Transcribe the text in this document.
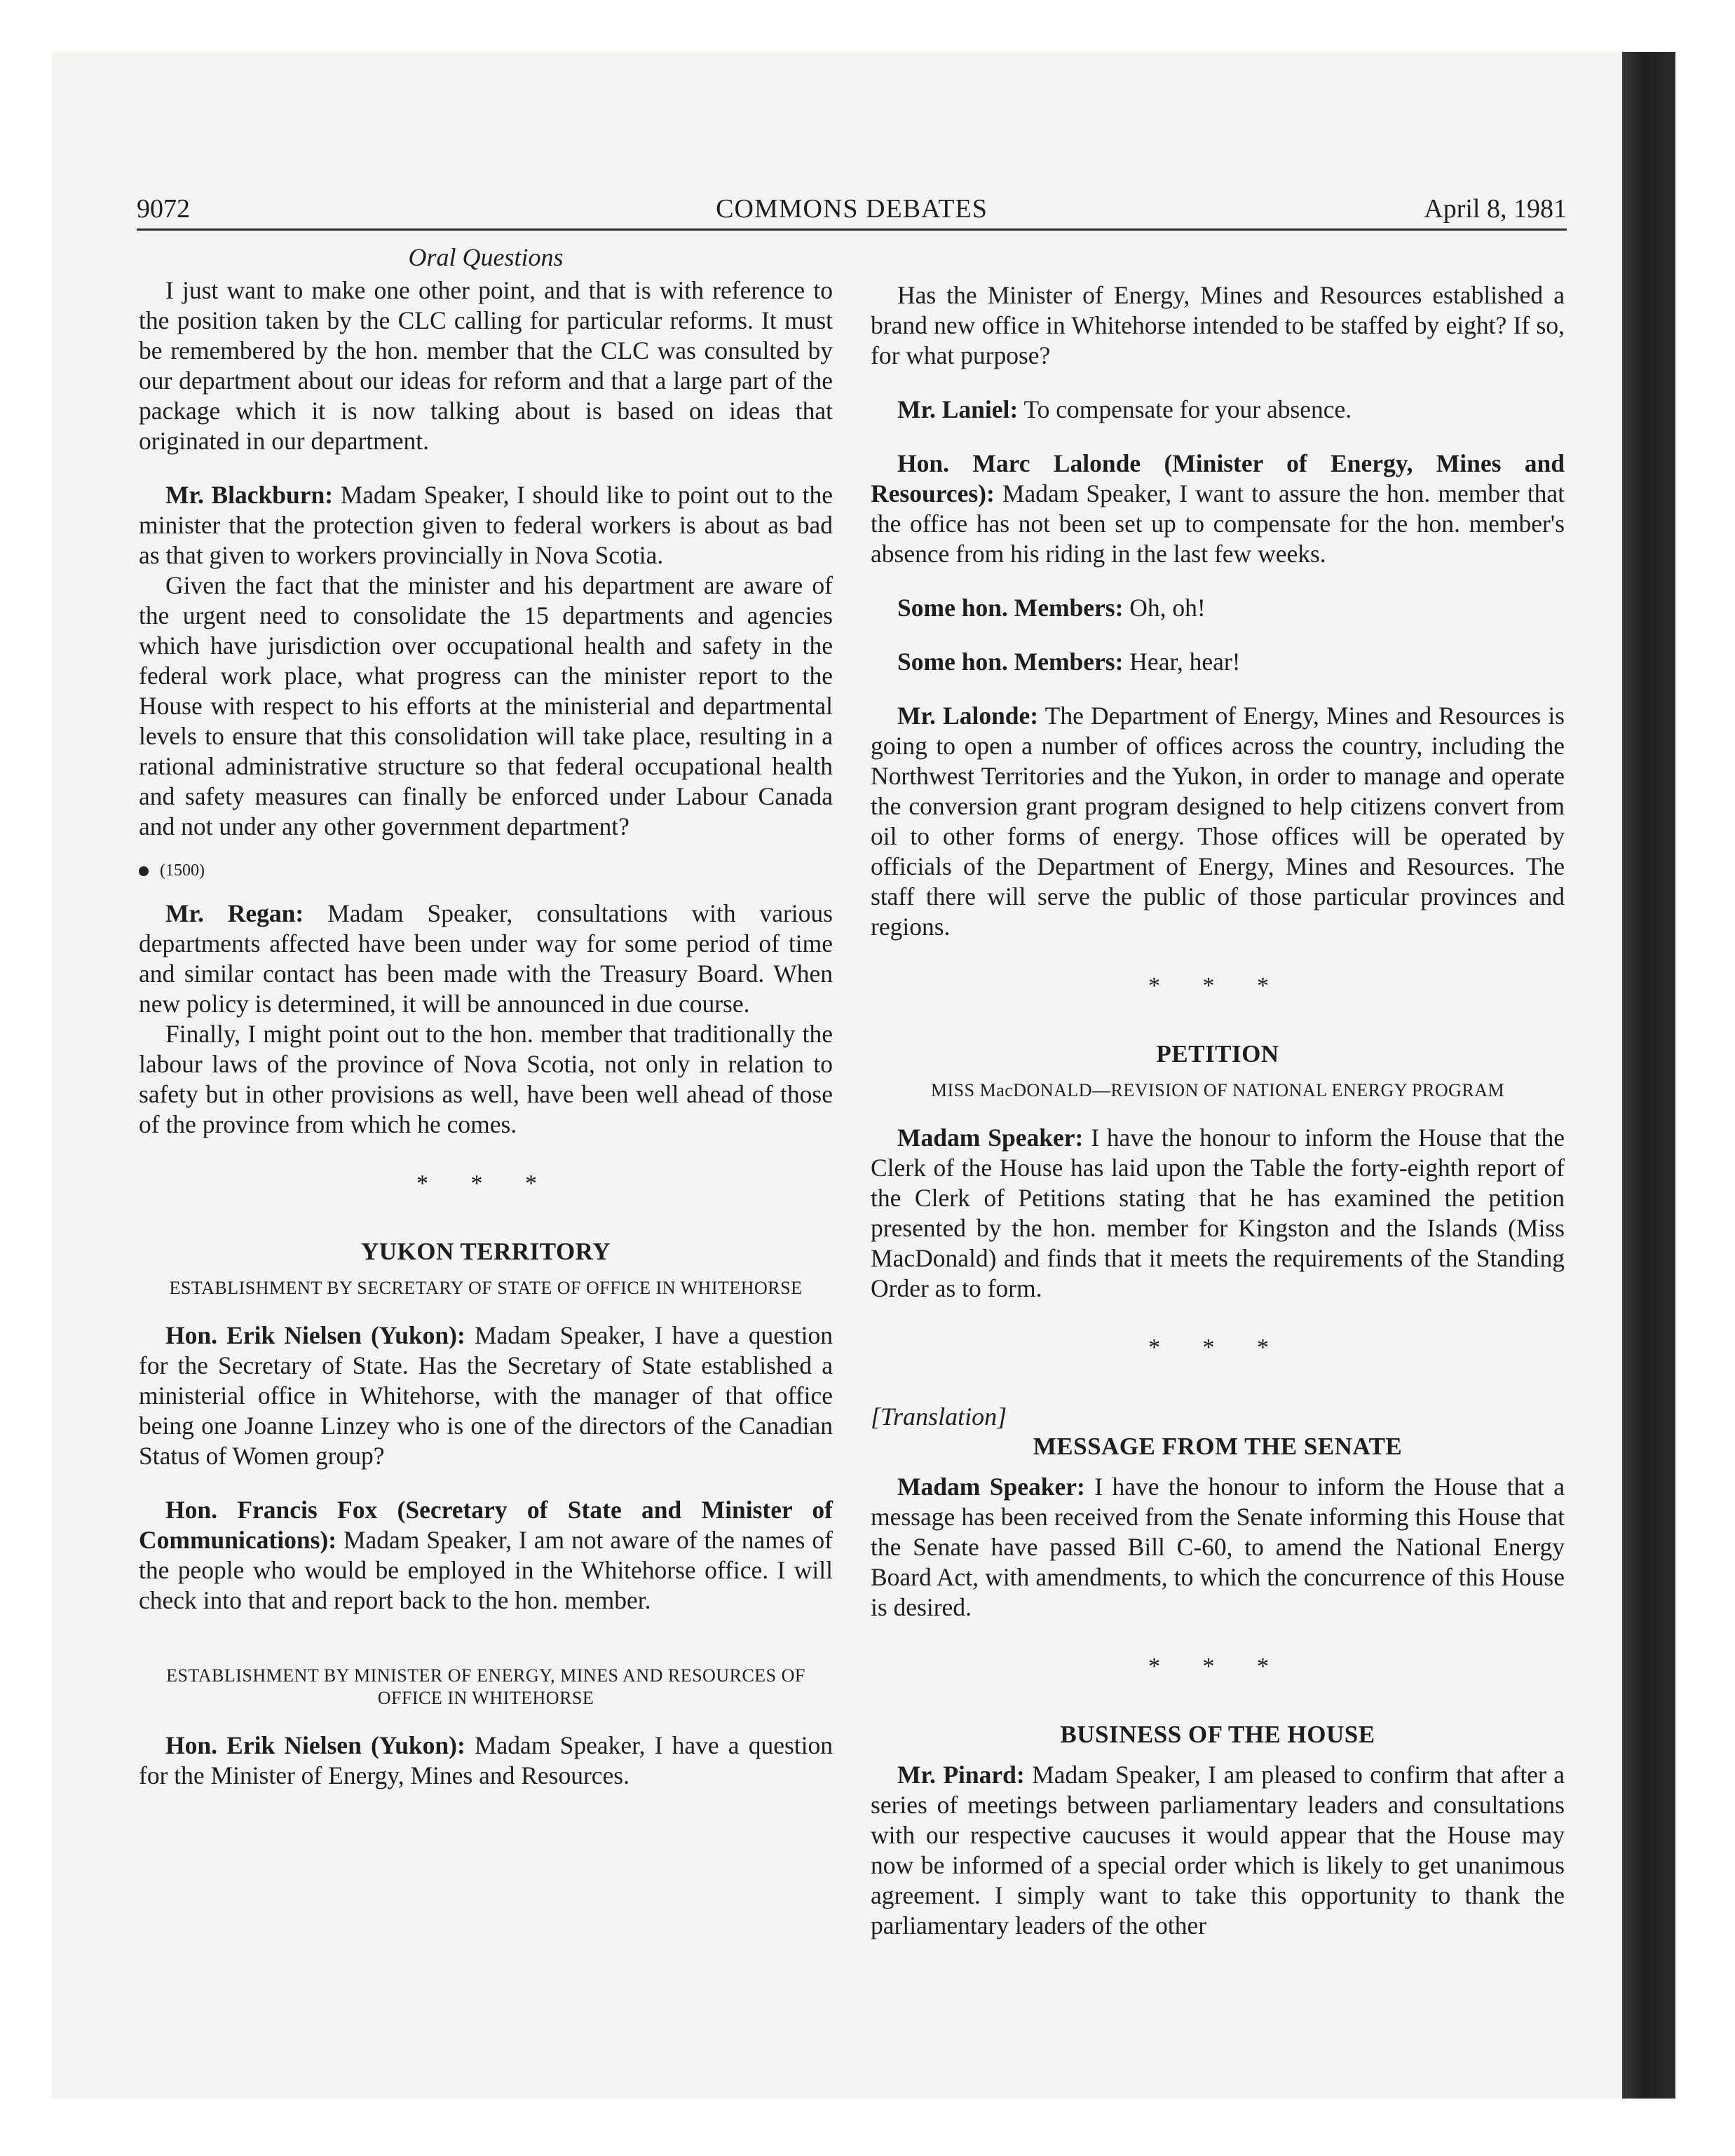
9072	COMMONS DEBATES	April 8, 1981
Oral Questions

I just want to make one other point, and that is with reference to the position taken by the CLC calling for particular reforms. It must be remembered by the hon. member that the CLC was consulted by our department about our ideas for reform and that a large part of the package which it is now talking about is based on ideas that originated in our department.

Mr. Blackburn: Madam Speaker, I should like to point out to the minister that the protection given to federal workers is about as bad as that given to workers provincially in Nova Scotia.

Given the fact that the minister and his department are aware of the urgent need to consolidate the 15 departments and agencies which have jurisdiction over occupational health and safety in the federal work place, what progress can the minister report to the House with respect to his efforts at the ministerial and departmental levels to ensure that this consolidation will take place, resulting in a rational administrative structure so that federal occupational health and safety measures can finally be enforced under Labour Canada and not under any other government department?

(1500)

Mr. Regan: Madam Speaker, consultations with various departments affected have been under way for some period of time and similar contact has been made with the Treasury Board. When new policy is determined, it will be announced in due course.

Finally, I might point out to the hon. member that traditionally the labour laws of the province of Nova Scotia, not only in relation to safety but in other provisions as well, have been well ahead of those of the province from which he comes.

* * *
YUKON TERRITORY
ESTABLISHMENT BY SECRETARY OF STATE OF OFFICE IN WHITEHORSE

Hon. Erik Nielsen (Yukon): Madam Speaker, I have a question for the Secretary of State. Has the Secretary of State established a ministerial office in Whitehorse, with the manager of that office being one Joanne Linzey who is one of the directors of the Canadian Status of Women group?

Hon. Francis Fox (Secretary of State and Minister of Communications): Madam Speaker, I am not aware of the names of the people who would be employed in the Whitehorse office. I will check into that and report back to the hon. member.

ESTABLISHMENT BY MINISTER OF ENERGY, MINES AND RESOURCES OF OFFICE IN WHITEHORSE

Hon. Erik Nielsen (Yukon): Madam Speaker, I have a question for the Minister of Energy, Mines and Resources.

Has the Minister of Energy, Mines and Resources established a brand new office in Whitehorse intended to be staffed by eight? If so, for what purpose?

Mr. Laniel: To compensate for your absence.

Hon. Marc Lalonde (Minister of Energy, Mines and Resources): Madam Speaker, I want to assure the hon. member that the office has not been set up to compensate for the hon. member's absence from his riding in the last few weeks.

Some hon. Members: Oh, oh!

Some hon. Members: Hear, hear!

Mr. Lalonde: The Department of Energy, Mines and Resources is going to open a number of offices across the country, including the Northwest Territories and the Yukon, in order to manage and operate the conversion grant program designed to help citizens convert from oil to other forms of energy. Those offices will be operated by officials of the Department of Energy, Mines and Resources. The staff there will serve the public of those particular provinces and regions.

* * *
PETITION
MISS MacDONALD—REVISION OF NATIONAL ENERGY PROGRAM

Madam Speaker: I have the honour to inform the House that the Clerk of the House has laid upon the Table the forty-eighth report of the Clerk of Petitions stating that he has examined the petition presented by the hon. member for Kingston and the Islands (Miss MacDonald) and finds that it meets the requirements of the Standing Order as to form.

* * *
[Translation]
MESSAGE FROM THE SENATE

Madam Speaker: I have the honour to inform the House that a message has been received from the Senate informing this House that the Senate have passed Bill C-60, to amend the National Energy Board Act, with amendments, to which the concurrence of this House is desired.

* * *
BUSINESS OF THE HOUSE

Mr. Pinard: Madam Speaker, I am pleased to confirm that after a series of meetings between parliamentary leaders and consultations with our respective caucuses it would appear that the House may now be informed of a special order which is likely to get unanimous agreement. I simply want to take this opportunity to thank the parliamentary leaders of the other
